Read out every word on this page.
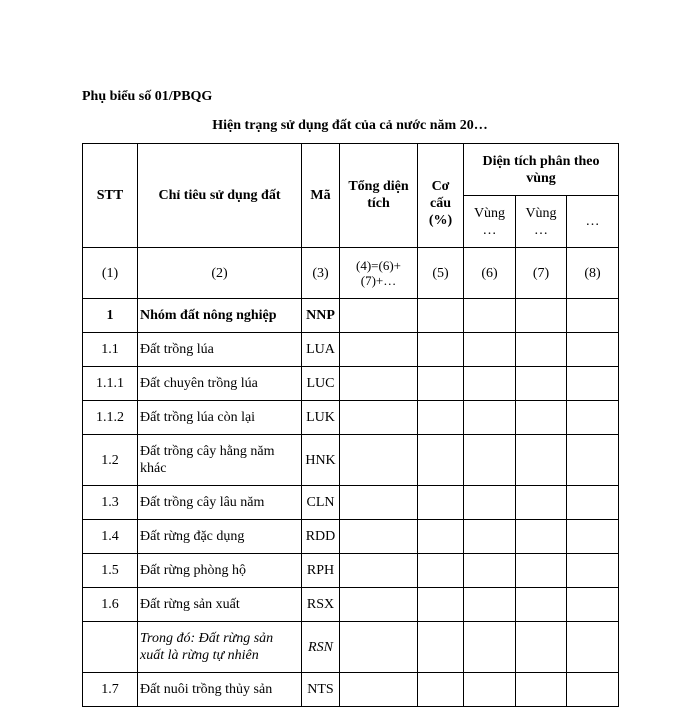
Phụ biểu số 01/PBQG
Hiện trạng sử dụng đất của cả nước năm 20…
STT	Chỉ tiêu sử dụng đất	Mã	Tổng diện tích	Cơ cấu (%)	Diện tích phân theo vùng		
					Vùng …	Vùng …	…
(1)	(2)	(3)	(4)=(6)+(7)+…	(5)	(6)	(7)	(8)
1	Nhóm đất nông nghiệp	NNP					
1.1	Đất trồng lúa	LUA					
1.1.1	Đất chuyên trồng lúa	LUC					
1.1.2	Đất trồng lúa còn lại	LUK					
1.2	Đất trồng cây hằng năm khác	HNK					
1.3	Đất trồng cây lâu năm	CLN					
1.4	Đất rừng đặc dụng	RDD					
1.5	Đất rừng phòng hộ	RPH					
1.6	Đất rừng sản xuất	RSX					
	Trong đó: Đất rừng sản xuất là rừng tự nhiên	RSN					
1.7	Đất nuôi trồng thủy sản	NTS					
